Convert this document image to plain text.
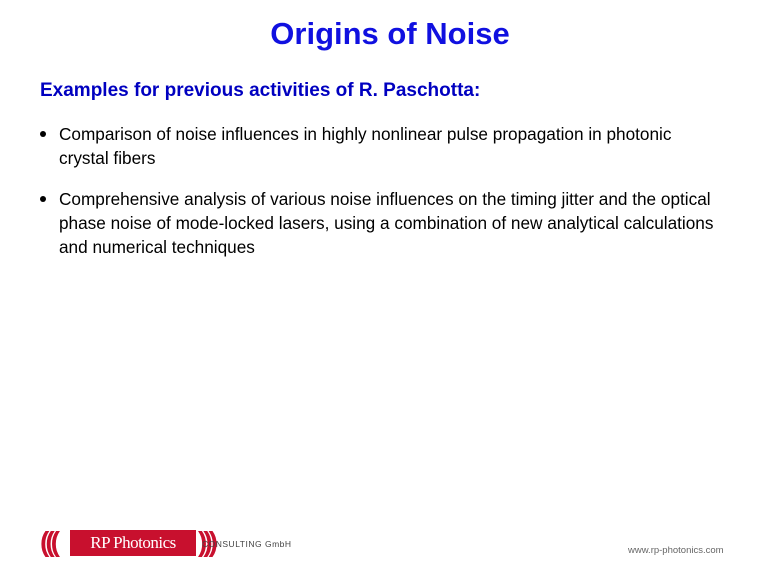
Origins of Noise
Examples for previous activities of R. Paschotta:
Comparison of noise influences in highly nonlinear pulse propagation in photonic crystal fibers
Comprehensive analysis of various noise influences on the timing jitter and the optical phase noise of mode-locked lasers, using a combination of new analytical calculations and numerical techniques
(((	RP Photonics )))
CONSULTING GmbH
www.rp-photonics.com
